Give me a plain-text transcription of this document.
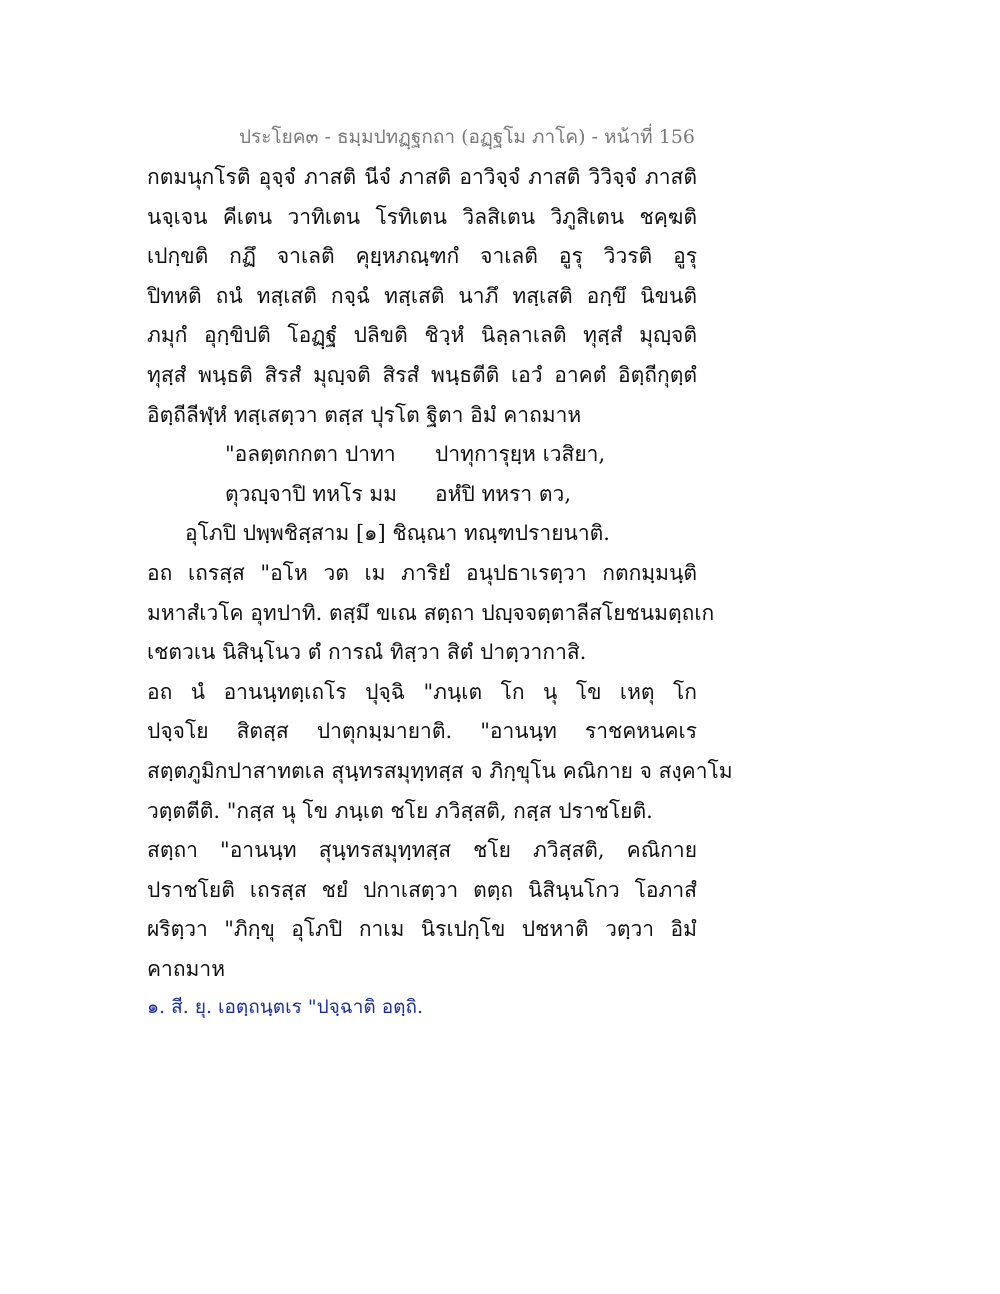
ประโยค๓ - ธมฺมปทฏฺฐกถา (อฏฺฐโม ภาโค) - หน้าที่ 156
กตมนุกโรติ อุจฺจํ ภาสติ นีจํ ภาสติ อาวิจฺจํ ภาสติ วิวิจฺจํ ภาสติ
นจฺเจน คีเตน วาทิเตน โรทิเตน วิลสิเตน วิภูสิเตน ชคฺฆติ
เปกฺขติ กฏึ จาเลติ คุยฺหภณฺฑกํ จาเลติ อูรุ วิวรติ อูรุ
ปิทหติ ถนํ ทสฺเสติ กจฺฉํ ทสฺเสติ นาภึ ทสฺเสติ อกฺขึ นิขนติ
ภมุกํ อุกฺขิปติ โอฏฺฐํ ปลิขติ ชิวฺหํ นิลฺลาเลติ ทุสฺสํ มุญฺจติ
ทุสฺสํ พนฺธติ สิรสํ มุญฺจติ สิรสํ พนฺธตีติ เอวํ อาคตํ อิตฺถีกุตฺตํ
อิตฺถีลีฬฺหํ ทสฺเสตฺวา ตสฺส ปุรโต ฐิตา อิมํ คาถมาห
"อลตฺตกกตา ปาทา	ปาทุการุยฺห เวสิยา,
ตุวญฺจาปิ ทหโร มม	อหํปิ ทหรา ตว,
อุโภปิ ปพฺพชิสฺสาม [๑] ชิณฺณา ทณฺฑปรายนาติ.
อถ เถรสฺส "อโห วต เม ภาริยํ อนุปธาเรตฺวา กตกมฺมนฺติ
มหาสํเวโค อุทปาทิ. ตสฺมึ ขเณ สตฺถา ปญฺจจตฺตาลีสโยชนมตฺถเก
เชตวเน นิสินฺโนว ตํ การณํ ทิสฺวา สิตํ ปาตฺวากาสิ.
อถ นํ อานนฺทตฺเถโร ปุจฺฉิ "ภนฺเต โก นุ โข เหตุ โก
ปจฺจโย สิตสฺส ปาตุกมฺมายาติ. "อานนฺท ราชคหนคเร
สตฺตภูมิกปาสาทตเล สุนฺทรสมุทฺทสฺส จ ภิกฺขุโน คณิกาย จ สงฺคาโม
วตฺตตีติ. "กสฺส นุ โข ภนฺเต ชโย ภวิสฺสติ, กสฺส ปราชโยติ.
สตฺถา "อานนฺท สุนฺทรสมุทฺทสฺส ชโย ภวิสฺสติ, คณิกาย
ปราชโยติ เถรสฺส ชยํ ปกาเสตฺวา ตตฺถ นิสินฺนโกว โอภาสํ
ผริตฺวา "ภิกฺขุ อุโภปิ กาเม นิรเปกฺโข ปชหาติ วตฺวา อิมํ
คาถมาห
๑. สี. ยุ. เอตฺถนฺตเร "ปจฺฉาติ อตฺถิ.
